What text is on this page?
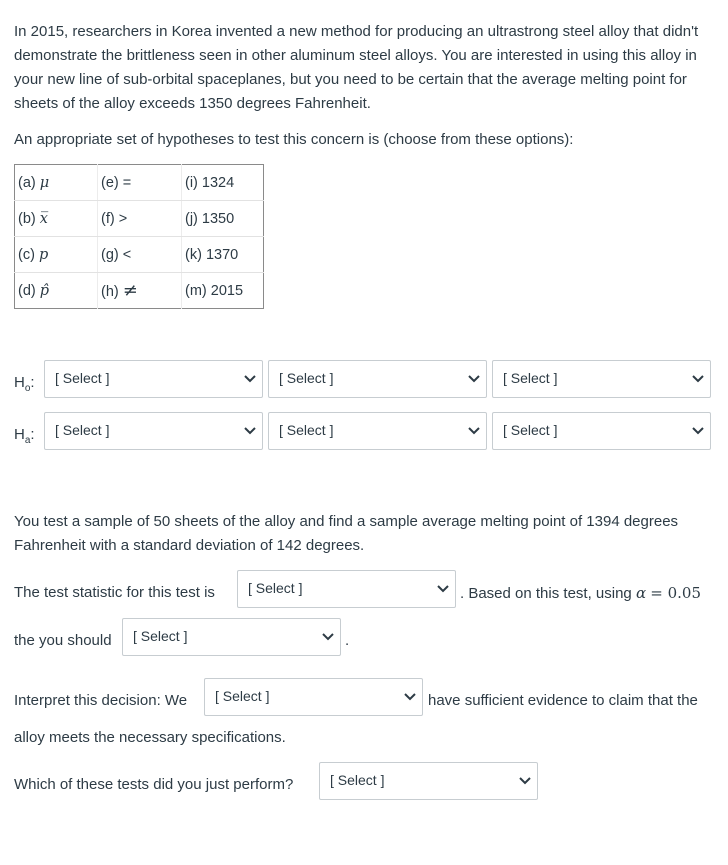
In 2015, researchers in Korea invented a new method for producing an ultrastrong steel alloy that didn't demonstrate the brittleness seen in other aluminum steel alloys. You are interested in using this alloy in your new line of sub-orbital spaceplanes, but you need to be certain that the average melting point for sheets of the alloy exceeds 1350 degrees Fahrenheit.

An appropriate set of hypotheses to test this concern is (choose from these options):

(a) μ	(e) =	(i) 1324
(b) x̅	(f) >	(j) 1350
(c) p	(g) <	(k) 1370
(d) p̂	(h) ≠	(m) 2015
$H_o$: [ Select ]	[ Select ]	[ Select ]
$H_a$: [ Select ]	[ Select ]	[ Select ]

You test a sample of 50 sheets of the alloy and find a sample average melting point of 1394 degrees Fahrenheit with a standard deviation of 142 degrees.

The test statistic for this test is [ Select ]	. Based on this test, using α = 0.05
the you should [ Select ]	.
Interpret this decision: We [ Select ]	have sufficient evidence to claim that the
alloy meets the necessary specifications.
Which of these tests did you just perform?	[ Select ]
